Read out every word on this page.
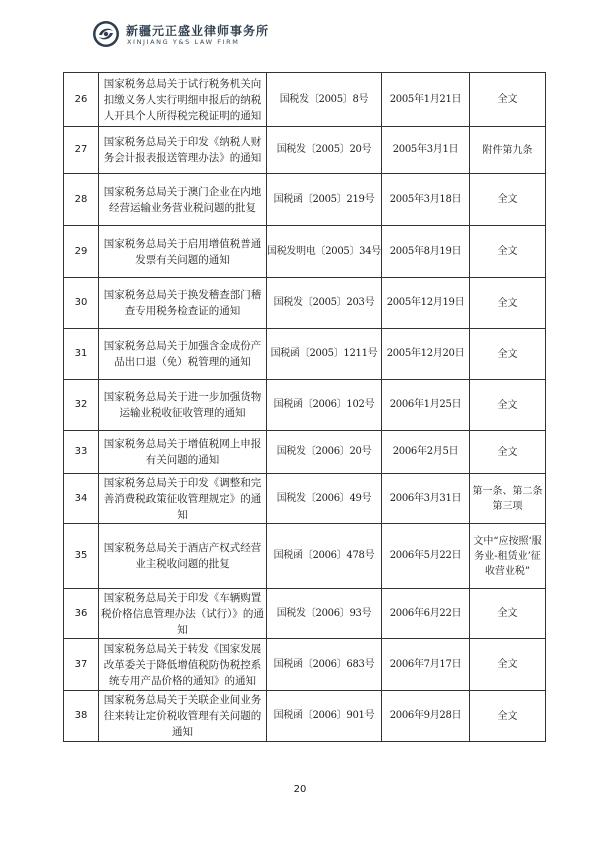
新疆元正盛业律师事务所
XINJIANG Y&S LAW FIRM
26	国家税务总局关于试行税务机关向扣缴义务人实行明细申报后的纳税人开具个人所得税完税证明的通知	国税发〔2005〕8号	2005年1月21日	全文
27	国家税务总局关于印发《纳税人财务会计报表报送管理办法》的通知	国税发〔2005〕20号	2005年3月1日	附件第九条
28	国家税务总局关于澳门企业在内地经营运输业务营业税问题的批复	国税函〔2005〕219号	2005年3月18日	全文
29	国家税务总局关于启用增值税普通发票有关问题的通知	国税发明电〔2005〕34号	2005年8月19日	全文
30	国家税务总局关于换发稽查部门稽查专用税务检查证的通知	国税发〔2005〕203号	2005年12月19日	全文
31	国家税务总局关于加强含金成份产品出口退（免）税管理的通知	国税函〔2005〕1211号	2005年12月20日	全文
32	国家税务总局关于进一步加强货物运输业税收征收管理的通知	国税函〔2006〕102号	2006年1月25日	全文
33	国家税务总局关于增值税网上申报有关问题的通知	国税发〔2006〕20号	2006年2月5日	全文
34	国家税务总局关于印发《调整和完善消费税政策征收管理规定》的通知	国税发〔2006〕49号	2006年3月31日	第一条、第二条第三项
35	国家税务总局关于酒店产权式经营业主税收问题的批复	国税函〔2006〕478号	2006年5月22日	文中“应按照‘服务业-租赁业’征收营业税”
36	国家税务总局关于印发《车辆购置税价格信息管理办法（试行）》的通知	国税发〔2006〕93号	2006年6月22日	全文
37	国家税务总局关于转发《国家发展改革委关于降低增值税防伪税控系统专用产品价格的通知》的通知	国税函〔2006〕683号	2006年7月17日	全文
38	国家税务总局关于关联企业间业务往来转让定价税收管理有关问题的通知	国税函〔2006〕901号	2006年9月28日	全文
20
